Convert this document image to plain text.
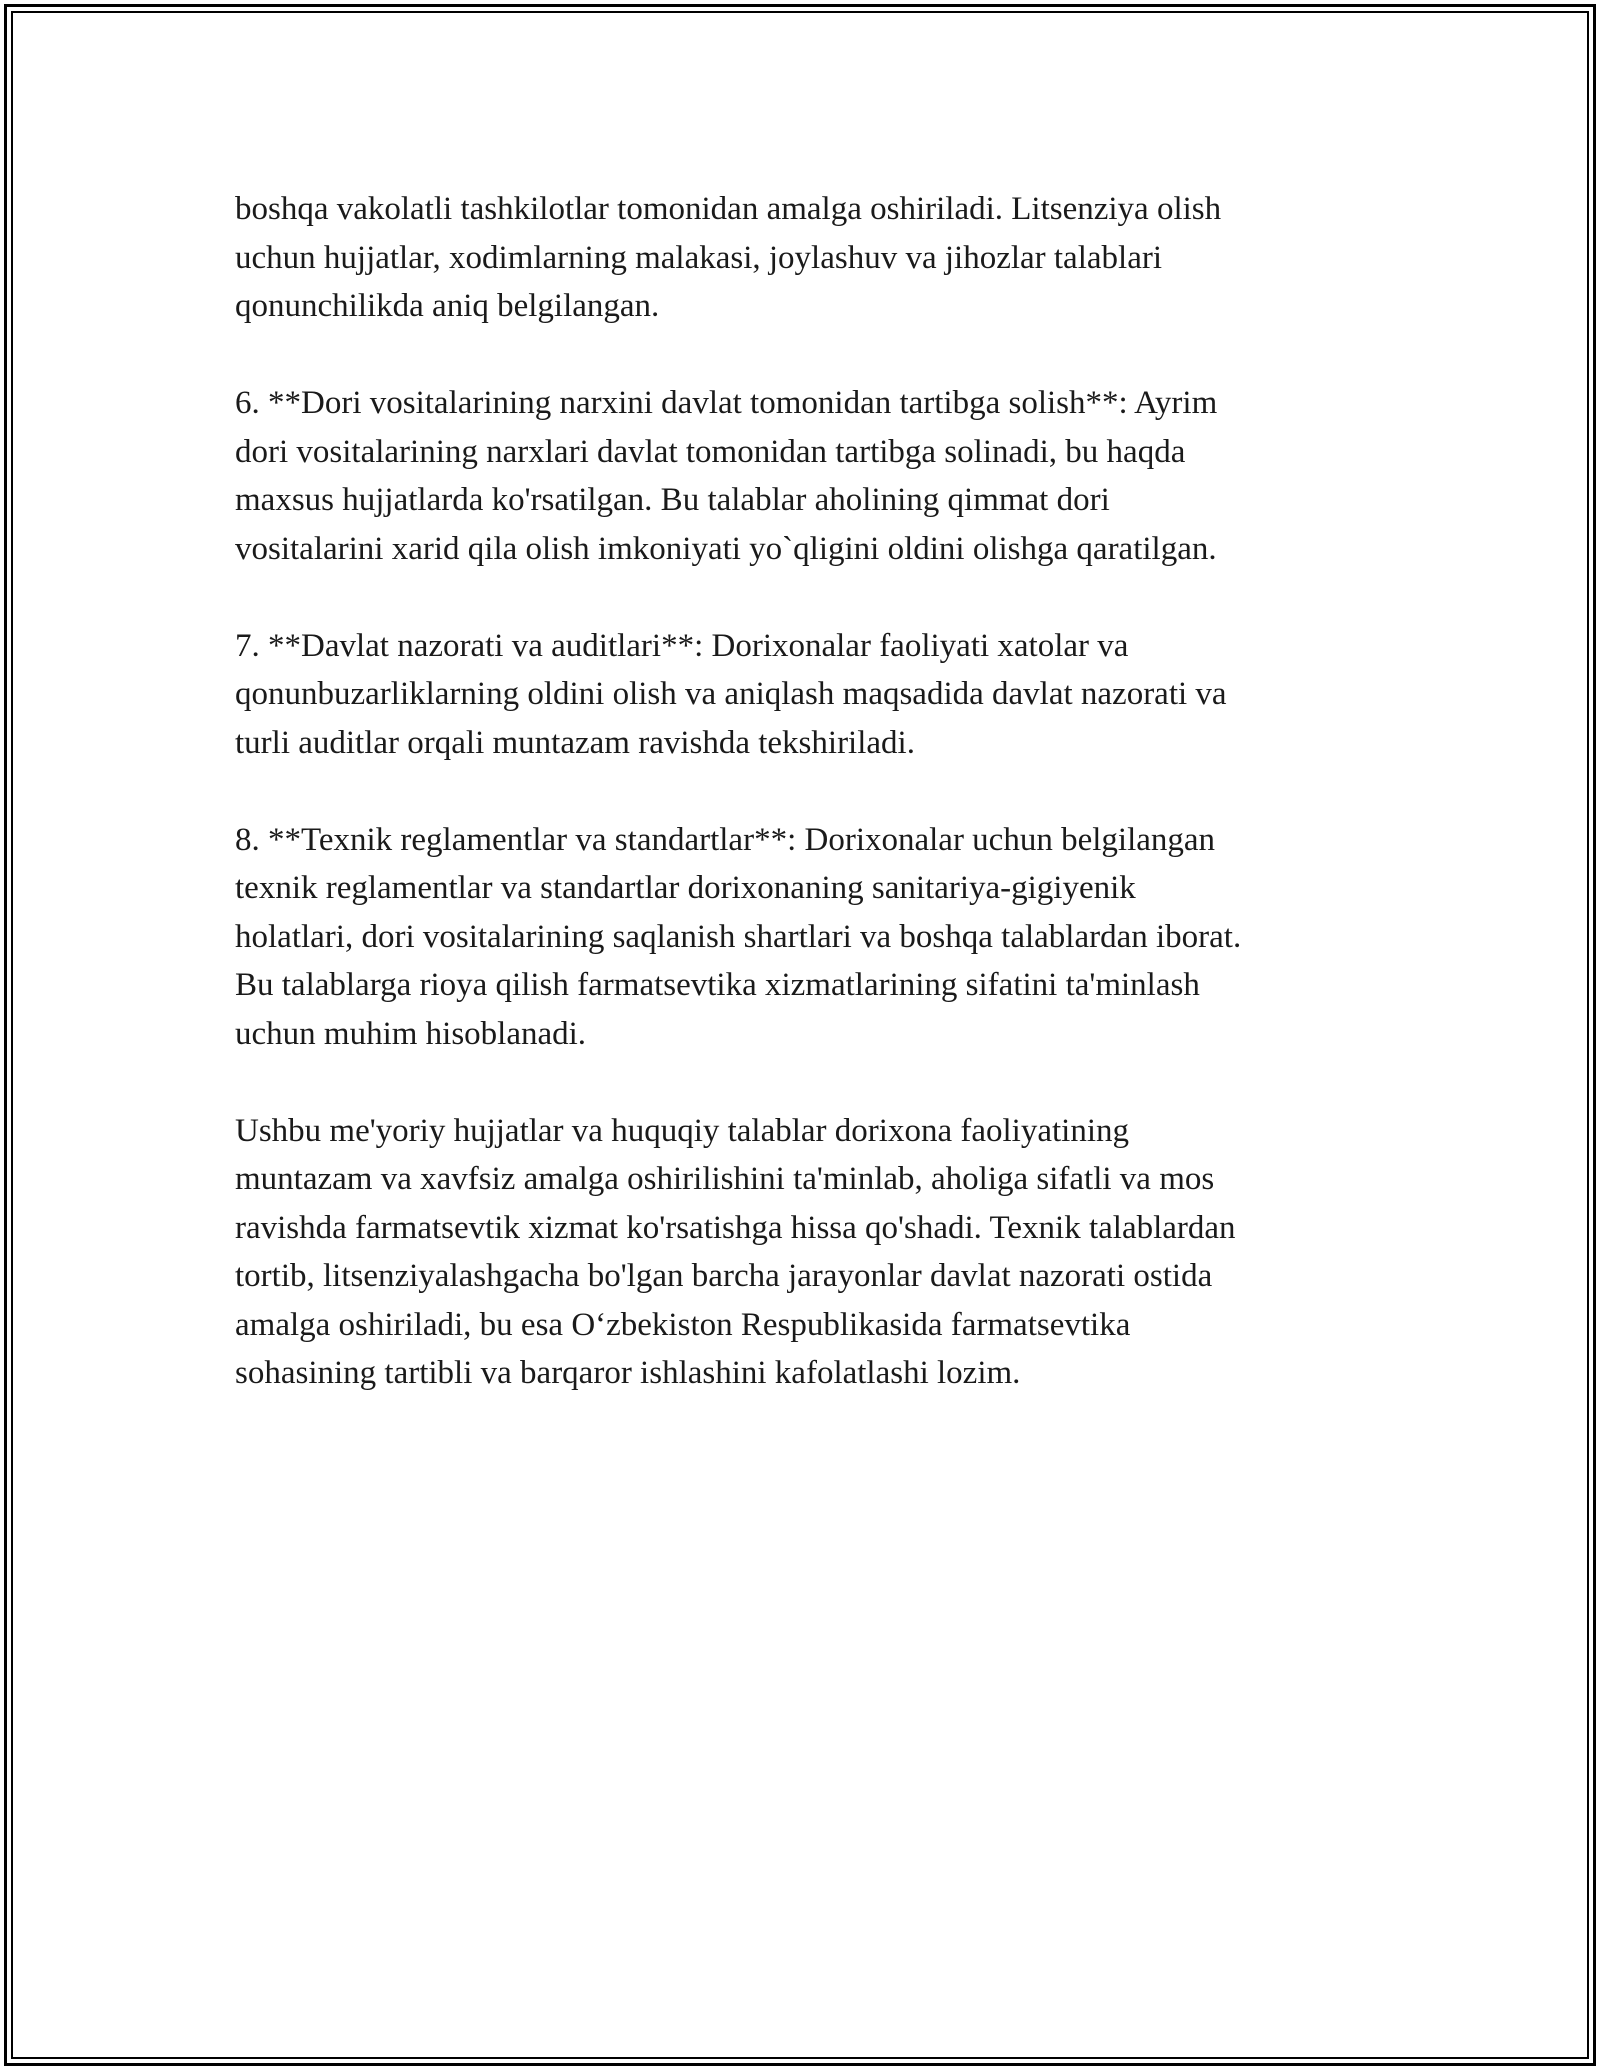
boshqa vakolatli tashkilotlar tomonidan amalga oshiriladi. Litsenziya olish
uchun hujjatlar, xodimlarning malakasi, joylashuv va jihozlar talablari
qonunchilikda aniq belgilangan.

6. **Dori vositalarining narxini davlat tomonidan tartibga solish**: Ayrim
dori vositalarining narxlari davlat tomonidan tartibga solinadi, bu haqda
maxsus hujjatlarda ko'rsatilgan. Bu talablar aholining qimmat dori
vositalarini xarid qila olish imkoniyati yo`qligini oldini olishga qaratilgan.

7. **Davlat nazorati va auditlari**: Dorixonalar faoliyati xatolar va
qonunbuzarliklarning oldini olish va aniqlash maqsadida davlat nazorati va
turli auditlar orqali muntazam ravishda tekshiriladi.

8. **Texnik reglamentlar va standartlar**: Dorixonalar uchun belgilangan
texnik reglamentlar va standartlar dorixonaning sanitariya-gigiyenik
holatlari, dori vositalarining saqlanish shartlari va boshqa talablardan iborat.
Bu talablarga rioya qilish farmatsevtika xizmatlarining sifatini ta'minlash
uchun muhim hisoblanadi.

Ushbu me'yoriy hujjatlar va huquqiy talablar dorixona faoliyatining
muntazam va xavfsiz amalga oshirilishini ta'minlab, aholiga sifatli va mos
ravishda farmatsevtik xizmat ko'rsatishga hissa qo'shadi. Texnik talablardan
tortib, litsenziyalashgacha bo'lgan barcha jarayonlar davlat nazorati ostida
amalga oshiriladi, bu esa O‘zbekiston Respublikasida farmatsevtika
sohasining tartibli va barqaror ishlashini kafolatlashi lozim.
